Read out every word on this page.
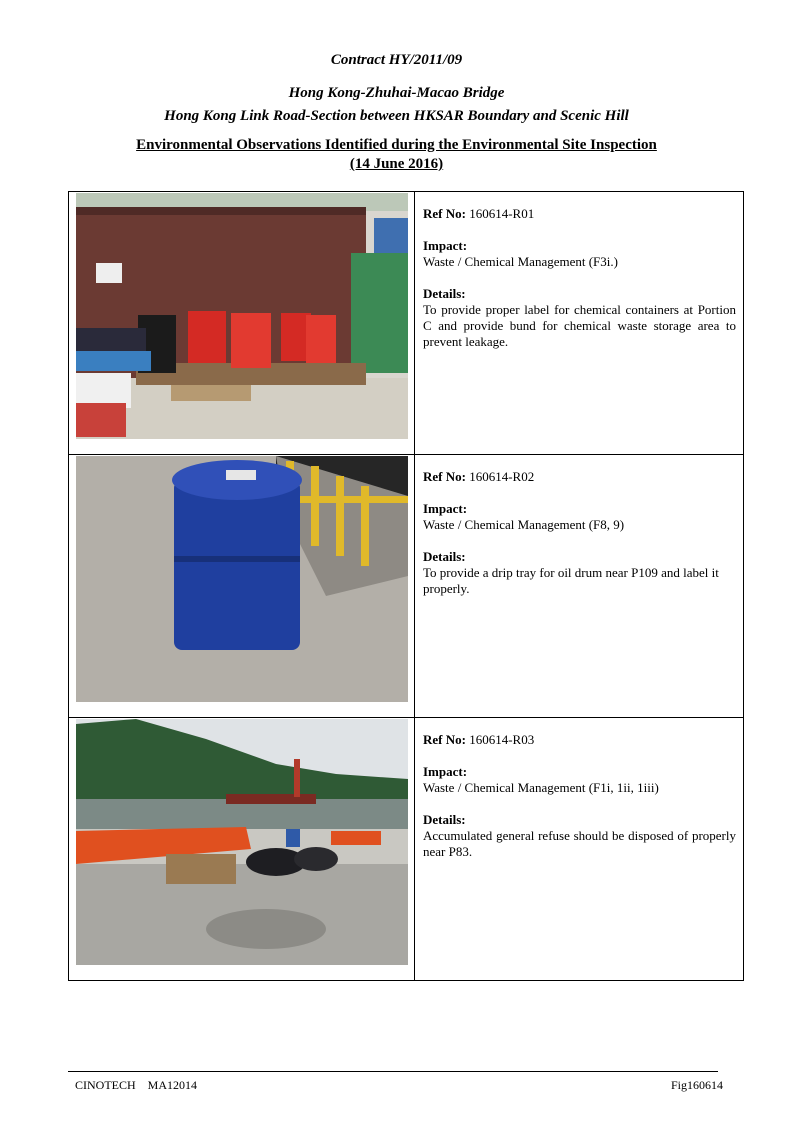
Contract HY/2011/09
Hong Kong-Zhuhai-Macao Bridge
Hong Kong Link Road-Section between HKSAR Boundary and Scenic Hill
Environmental Observations Identified during the Environmental Site Inspection
(14 June 2016)

Ref No: 160614-R01
Impact:
Waste / Chemical Management (F3i.)
Details:
To provide proper label for chemical containers at Portion C and provide bund for chemical waste storage area to prevent leakage.

Ref No: 160614-R02
Impact:
Waste / Chemical Management (F8, 9)
Details:
To provide a drip tray for oil drum near P109 and label it properly.

Ref No: 160614-R03
Impact:
Waste / Chemical Management (F1i, 1ii, 1iii)
Details:
Accumulated general refuse should be disposed of properly near P83.
CINOTECH    MA12014	Fig160614
